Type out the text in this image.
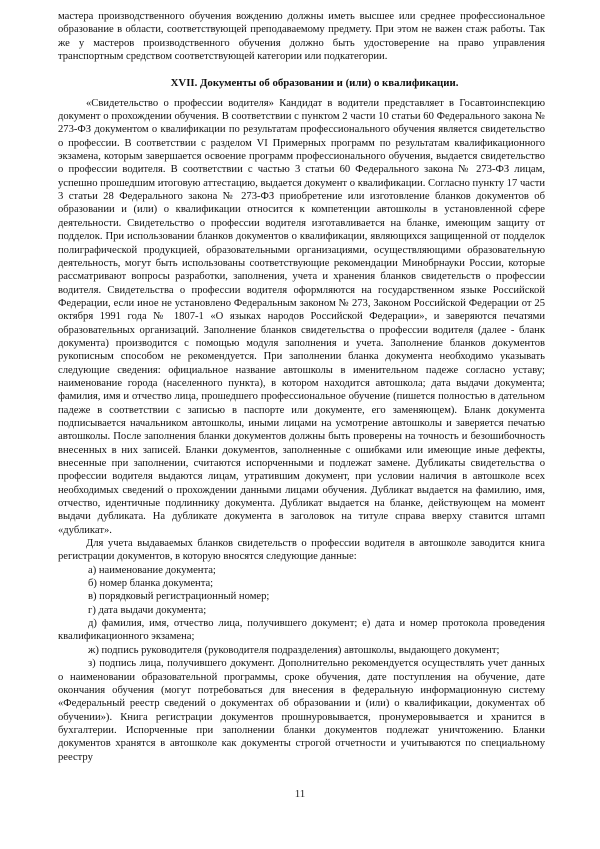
мастера производственного обучения вождению должны иметь высшее или среднее профессиональное образование в области, соответствующей преподаваемому предмету. При этом не важен стаж работы. Так же у мастеров производственного обучения должно быть удостоверение на право управления транспортным средством соответствующей категории или подкатегории.

XVII. Документы об образовании и (или) о квалификации.

«Свидетельство о профессии водителя» Кандидат в водители представляет в Госавтоинспекцию документ о прохождении обучения. В соответствии с пунктом 2 части 10 статьи 60 Федерального закона № 273-ФЗ документом о квалификации по результатам профессионального обучения является свидетельство о профессии. В соответствии с разделом VI Примерных программ по результатам квалификационного экзамена, которым завершается освоение программ профессионального обучения, выдается свидетельство о профессии водителя. В соответствии с частью 3 статьи 60 Федерального закона № 273-ФЗ лицам, успешно прошедшим итоговую аттестацию, выдается документ о квалификации. Согласно пункту 17 части 3 статьи 28 Федерального закона № 273-ФЗ приобретение или изготовление бланков документов об образовании и (или) о квалификации относится к компетенции автошколы в установленной сфере деятельности. Свидетельство о профессии водителя изготавливается на бланке, имеющим защиту от подделок. При использовании бланков документов о квалификации, являющихся защищенной от подделок полиграфической продукцией, образовательными организациями, осуществляющими образовательную деятельность, могут быть использованы соответствующие рекомендации Минобрнауки России, которые рассматривают вопросы разработки, заполнения, учета и хранения бланков свидетельств о профессии водителя. Свидетельства о профессии водителя оформляются на государственном языке Российской Федерации, если иное не установлено Федеральным законом № 273, Законом Российской Федерации от 25 октября 1991 года № 1807-1 «О языках народов Российской Федерации», и заверяются печатями образовательных организаций. Заполнение бланков свидетельства о профессии водителя (далее - бланк документа) производится с помощью модуля заполнения и учета. Заполнение бланков документов рукописным способом не рекомендуется. При заполнении бланка документа необходимо указывать следующие сведения: официальное название автошколы в именительном падеже согласно уставу; наименование города (населенного пункта), в котором находится автошкола; дата выдачи документа; фамилия, имя и отчество лица, прошедшего профессиональное обучение (пишется полностью в дательном падеже в соответствии с записью в паспорте или документе, его заменяющем). Бланк документа подписывается начальником автошколы, иными лицами на усмотрение автошколы и заверяется печатью автошколы. После заполнения бланки документов должны быть проверены на точность и безошибочность внесенных в них записей. Бланки документов, заполненные с ошибками или имеющие иные дефекты, внесенные при заполнении, считаются испорченными и подлежат замене. Дубликаты свидетельства о профессии водителя выдаются лицам, утратившим документ, при условии наличия в автошколе всех необходимых сведений о прохождении данными лицами обучения. Дубликат выдается на фамилию, имя, отчество, идентичные подлиннику документа. Дубликат выдается на бланке, действующем на момент выдачи дубликата. На дубликате документа в заголовок на титуле справа вверху ставится штамп «дубликат».

Для учета выдаваемых бланков свидетельств о профессии водителя в автошколе заводится книга регистрации документов, в которую вносятся следующие данные:

а) наименование документа;

б) номер бланка документа;

в) порядковый регистрационный номер;

г) дата выдачи документа;

д) фамилия, имя, отчество лица, получившего документ; е) дата и номер протокола проведения квалификационного экзамена;

ж) подпись руководителя (руководителя подразделения) автошколы, выдающего документ;

з) подпись лица, получившего документ. Дополнительно рекомендуется осуществлять учет данных о наименовании образовательной программы, сроке обучения, дате поступления на обучение, дате окончания обучения (могут потребоваться для внесения в федеральную информационную систему «Федеральный реестр сведений о документах об образовании и (или) о квалификации, документах об обучении»). Книга регистрации документов прошнуровывается, пронумеровывается и хранится в бухгалтерии. Испорченные при заполнении бланки документов подлежат уничтожению. Бланки документов хранятся в автошколе как документы строгой отчетности и учитываются по специальному реестру

11
